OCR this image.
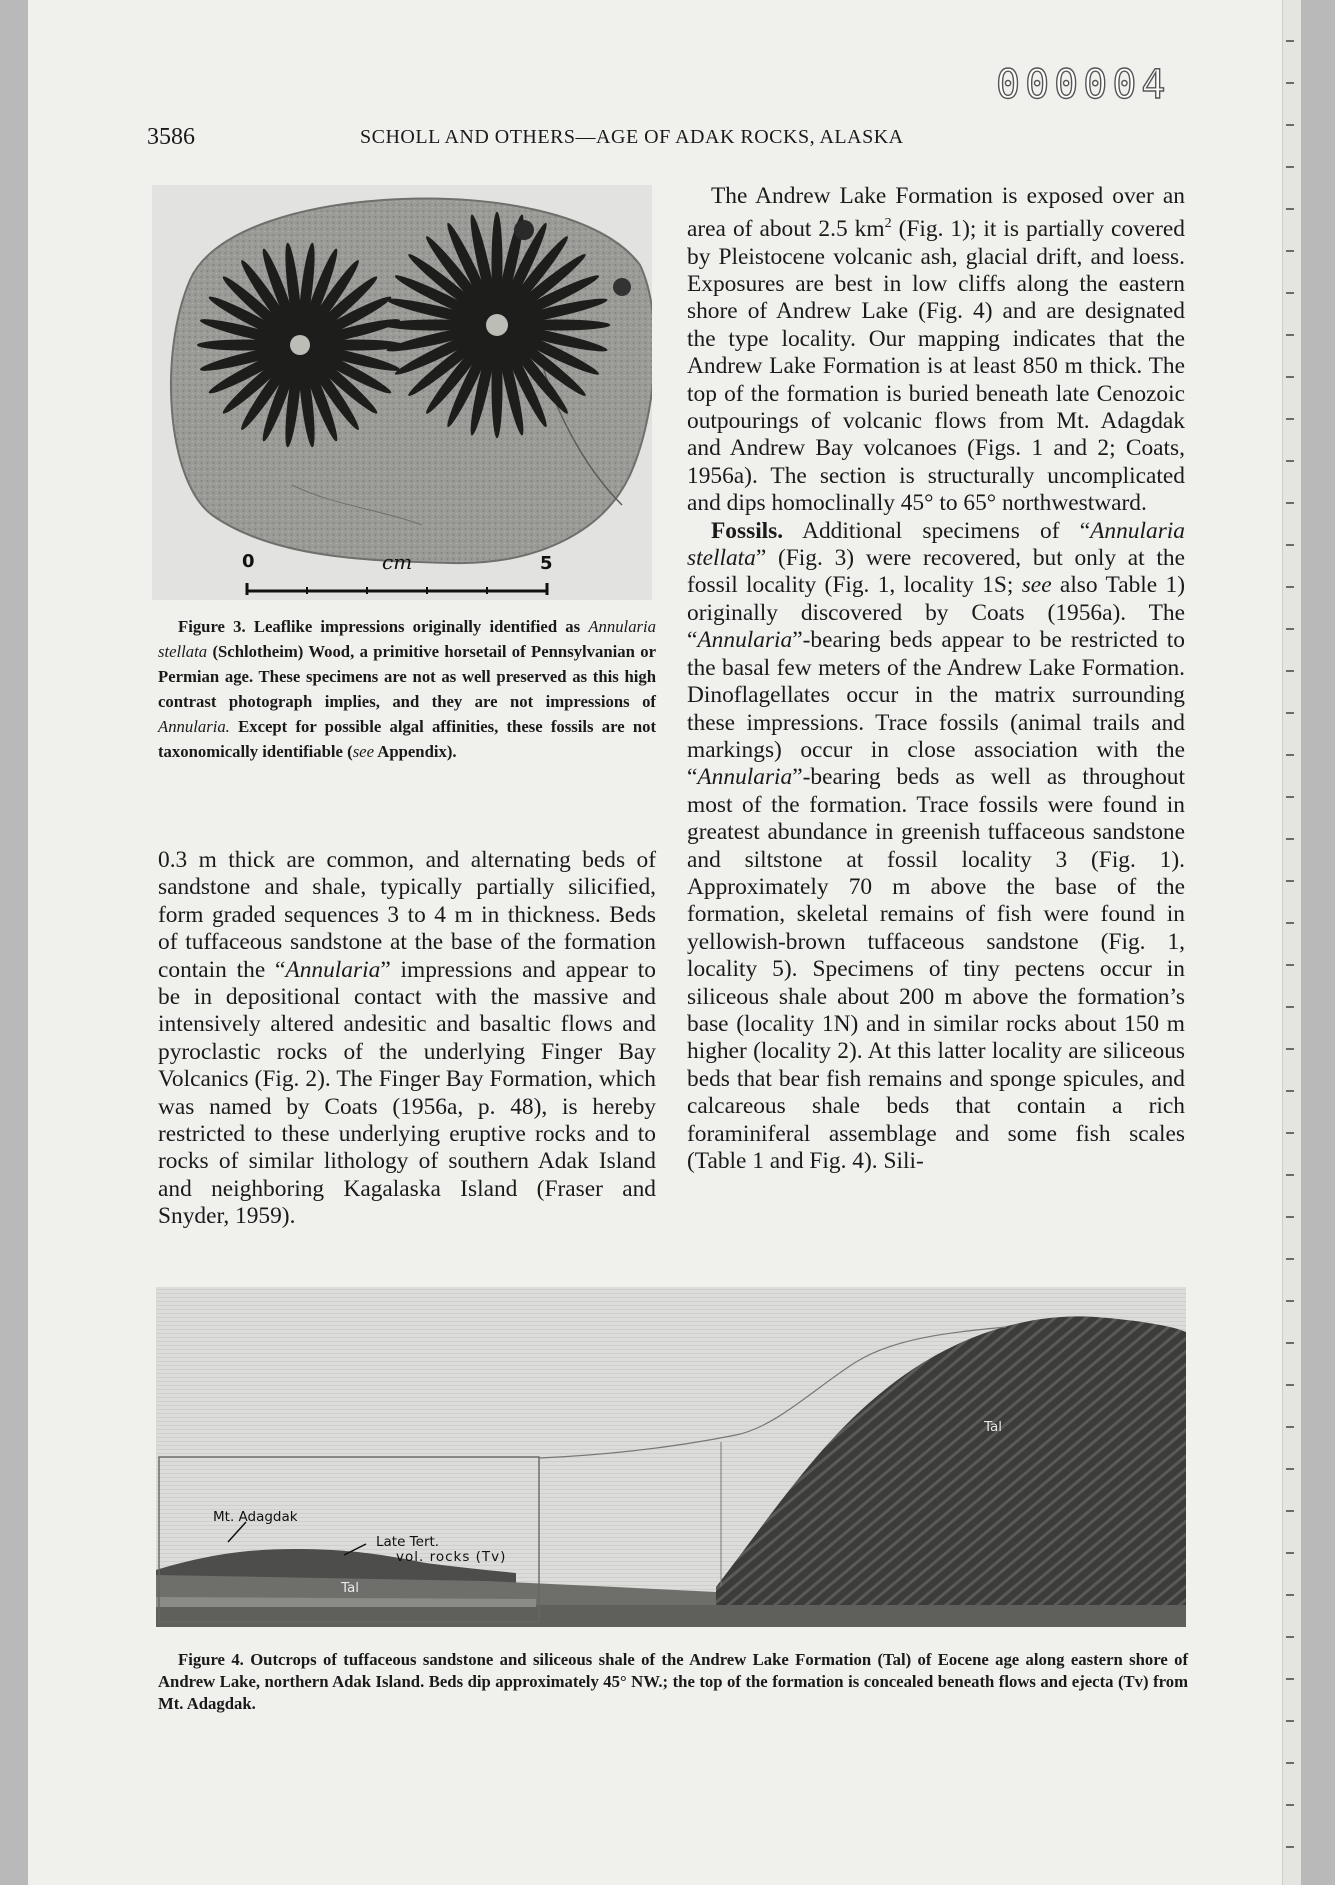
000004
3586	SCHOLL AND OTHERS—AGE OF ADAK ROCKS, ALASKA
0	cm	5
Figure 3. Leaflike impressions originally identified as Annularia stellata (Schlotheim) Wood, a primitive horsetail of Pennsylvanian or Permian age. These specimens are not as well preserved as this high contrast photograph implies, and they are not impressions of Annularia. Except for possible algal affinities, these fossils are not taxonomically identifiable (see Appendix).

0.3 m thick are common, and alternating beds of sandstone and shale, typically partially silicified, form graded sequences 3 to 4 m in thickness. Beds of tuffaceous sandstone at the base of the formation contain the “Annularia” impressions and appear to be in depositional contact with the massive and intensively altered andesitic and basaltic flows and pyroclastic rocks of the underlying Finger Bay Volcanics (Fig. 2). The Finger Bay Formation, which was named by Coats (1956a, p. 48), is hereby restricted to these underlying eruptive rocks and to rocks of similar lithology of southern Adak Island and neighboring Kagalaska Island (Fraser and Snyder, 1959).

The Andrew Lake Formation is exposed over an area of about 2.5 $km^2$ (Fig. 1); it is partially covered by Pleistocene volcanic ash, glacial drift, and loess. Exposures are best in low cliffs along the eastern shore of Andrew Lake (Fig. 4) and are designated the type locality. Our mapping indicates that the Andrew Lake Formation is at least 850 m thick. The top of the formation is buried beneath late Cenozoic outpourings of volcanic flows from Mt. Adagdak and Andrew Bay volcanoes (Figs. 1 and 2; Coats, 1956a). The section is structurally uncomplicated and dips homoclinally 45° to 65° northwestward.

Fossils. Additional specimens of “Annularia stellata” (Fig. 3) were recovered, but only at the fossil locality (Fig. 1, locality 1S; see also Table 1) originally discovered by Coats (1956a). The “Annularia”-bearing beds appear to be restricted to the basal few meters of the Andrew Lake Formation. Dinoflagellates occur in the matrix surrounding these impressions. Trace fossils (animal trails and markings) occur in close association with the “Annularia”-bearing beds as well as throughout most of the formation. Trace fossils were found in greatest abundance in greenish tuffaceous sandstone and siltstone at fossil locality 3 (Fig. 1). Approximately 70 m above the base of the formation, skeletal remains of fish were found in yellowish-brown tuffaceous sandstone (Fig. 1, locality 5). Specimens of tiny pectens occur in siliceous shale about 200 m above the formation’s base (locality 1N) and in similar rocks about 150 m higher (locality 2). At this latter locality are siliceous beds that bear fish remains and sponge spicules, and calcareous shale beds that contain a rich foraminiferal assemblage and some fish scales (Table 1 and Fig. 4). Sili-

Mt. Adagdak
Late Tert.
vol. rocks (Tv)
Tal
Tal
Figure 4. Outcrops of tuffaceous sandstone and siliceous shale of the Andrew Lake Formation (Tal) of Eocene age along eastern shore of Andrew Lake, northern Adak Island. Beds dip approximately 45° NW.; the top of the formation is concealed beneath flows and ejecta (Tv) from Mt. Adagdak.
